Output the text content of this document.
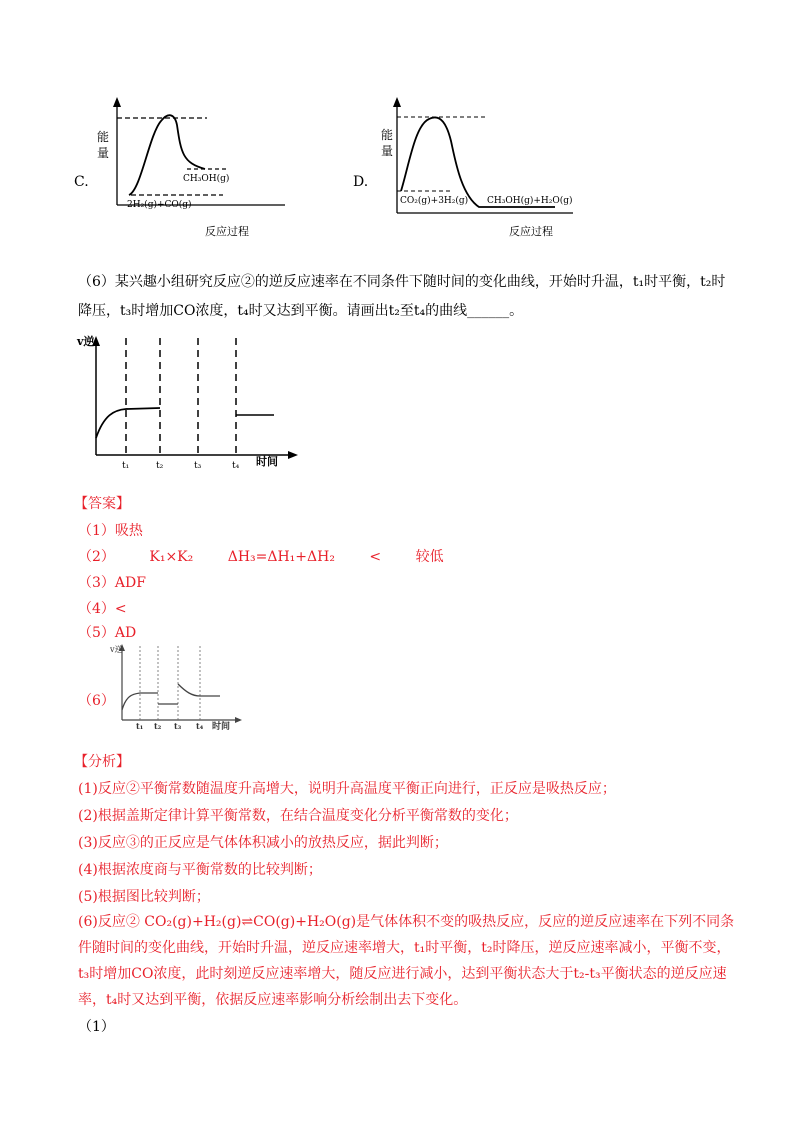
C.
能
量
CH₃OH(g)
2H₂(g)+CO(g)
反应过程
D.
能
量
CO₂(g)+3H₂(g) CH₃OH(g)+H₂O(g)
反应过程
（6）某兴趣小组研究反应②的逆反应速率在不同条件下随时间的变化曲线，开始时升温，t₁时平衡，t₂时
降压，t₃时增加CO浓度，t₄时又达到平衡。请画出t₂至t₄的曲线______。
v逆
t₁	t₂	t₃	t₄ 时间
【答案】
（1）吸热
（2） K₁×K₂ ΔH₃=ΔH₁+ΔH₂ < 较低
（3）ADF
（4）<
（5）AD
（6）
v逆
t₁ t₂ t₃ t₄ 时间
【分析】
(1)反应②平衡常数随温度升高增大，说明升高温度平衡正向进行，正反应是吸热反应；
(2)根据盖斯定律计算平衡常数，在结合温度变化分析平衡常数的变化；
(3)反应③的正反应是气体体积减小的放热反应，据此判断；
(4)根据浓度商与平衡常数的比较判断；
(5)根据图比较判断；
(6)反应② CO₂(g)+H₂(g)⇌CO(g)+H₂O(g)是气体体积不变的吸热反应，反应的逆反应速率在下列不同条
件随时间的变化曲线，开始时升温，逆反应速率增大，t₁时平衡，t₂时降压，逆反应速率减小，平衡不变，
t₃时增加CO浓度，此时刻逆反应速率增大，随反应进行减小，达到平衡状态大于t₂-t₃平衡状态的逆反应速
率，t₄时又达到平衡，依据反应速率影响分析绘制出去下变化。
（1）
